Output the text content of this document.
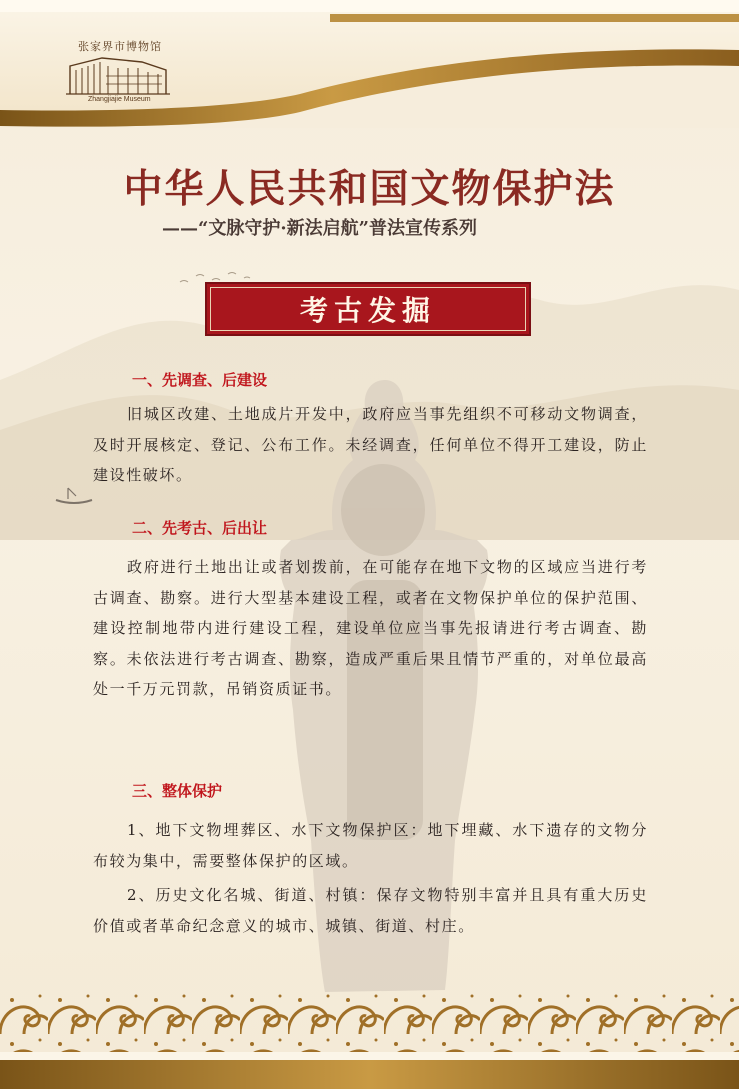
张家界市博物馆
Zhangjiajie Museum
中华人民共和国文物保护法
——“文脉守护·新法启航”普法宣传系列
考古发掘
一、先调查、后建设
旧城区改建、土地成片开发中，政府应当事先组织不可移动文物调查，及时开展核定、登记、公布工作。未经调查，任何单位不得开工建设，防止建设性破坏。
二、先考古、后出让
政府进行土地出让或者划拨前，在可能存在地下文物的区域应当进行考古调查、勘察。进行大型基本建设工程，或者在文物保护单位的保护范围、建设控制地带内进行建设工程，建设单位应当事先报请进行考古调查、勘察。未依法进行考古调查、勘察，造成严重后果且情节严重的，对单位最高处一千万元罚款，吊销资质证书。
三、整体保护
1、地下文物埋葬区、水下文物保护区：地下埋藏、水下遗存的文物分布较为集中，需要整体保护的区域。
2、历史文化名城、街道、村镇：保存文物特别丰富并且具有重大历史价值或者革命纪念意义的城市、城镇、街道、村庄。
